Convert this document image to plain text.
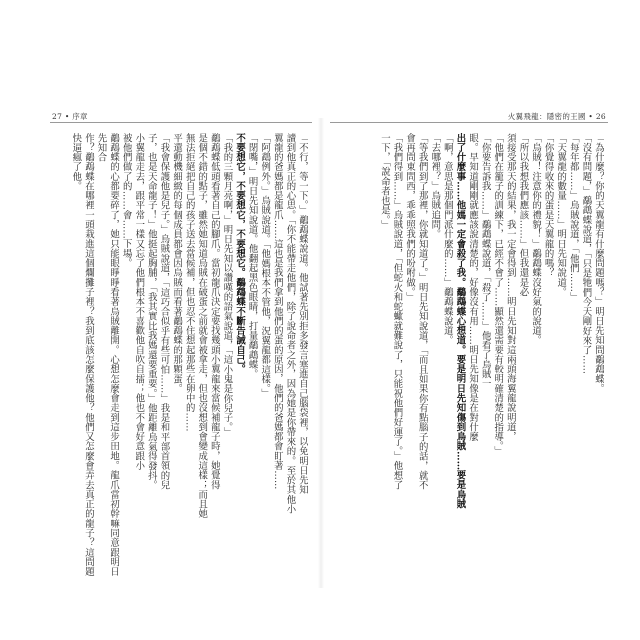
27 • 序章	火翼飛龍：隱密的王國 • 26

「不行，等一下。」鷸鵡蝶說道。他試著先別拒多發言塞進自己腦袋裡，以免明日先知

讀到他真正的心思。「你不能帶走他們，除了說命者之外，因為她是你帶來的。至於其他小

翼龍的爸媽都是龍爪……這也是我們拿到他們的蛋的原因，他們的爸媽都會盯著……

「阿鵡例外。」烏賊說道。「他媽根本不管他，況翼龍都這樣。」

「閉嘴，」明日先知說道。他翻起黑色眼睛，打量鷸鵡蝶。

不要想它，不要想它，不要想它。鷸鵡蝶不斷告誡自己。

「我的三顆月亮啊，」明日先知以讚嘆的語氣說道，「這小鬼是你兒子。」

鷸鵡蝶低頭看著自己的腳爪。當初龍爪決定要找幾頭小翼龍來當候補龍子時，她覺得

是個不錯的點子，雖然她知道烏賊在破蛋之前就會被拿走，但也沒想到會變成這樣；而且她

無法拒絕把自己的孩子送去當候補，但也忍不住想起那些在卵中的……

平還動機細緻的每個成員都會因烏賊而看著鷸鵡蝶的那顆蛋。

「我會保護他是兒子。」烏賊說道，「這巧合似乎有些可怕……」我是和平部首領的兒

子，也是天命龍子！」他挺起胸脯，「我其實比我媽還要重要。」他距離烏氣得發抖。

小翼龍走去，跟平常一樣又忘了他們根本不喜歡他自吹自擂；他也不會好意跟小

被他們做了的……會……下場。

鷸鵡蝶的心都要碎了，她只能眼睜睜看著烏賊離開。心想怎麼會走到這步田地。龍爪當初幹嘛同意跟明日先知合

作？鷸鵡蝶在哪裡一頭栽進這個爛攤子裡？我到底該怎麼保護他？他們又怎麼會弄去真正的龍子？這問題快逼瘋了他。	「為什麼？你的天翼龍有什麼問題嗎？」明日先知問鷸鵡蝶。

「沒有問題，」鷸鵡蝶說道，「只是牠們今天剛好來了……

「每年都……」烏賊說道，「他們……」

「天翼龍的數量……」明日先知說道。

「你覺得收來的蛋是天翼龍的嗎？

「烏賊！注意你的禮貌！」鷸鵡蝶沒好氣的說道。

「所以我想我們應該……」但我還是必

須接受那天的結果，我一定會得到……明日先知對這兩頭海翼龍說明道，

「他們在籠子的訓練下，已經不會了……顯然還需要有較明確清楚的指導。」

「你要告訴我……」鷸鵡蝶說道，「殺了……」他看了烏賊一

眼。早知道剛剛就應該說清楚的，好像沒有用……明日先知像是在對什麼

出了什麼事……他媽一定會殺了我。鷸鵡蝶心想道。要是明日先知傷到烏賊……要是烏賊

「啊，意思是那個門派什麼的……」鷸鵡蝶說道。

「去哪裡？」烏賊追問。

「等我們到了那裡，你就知道了。」明日先知說道，「而且如果你有點腦子的話，就不

會再問東問西，乖乖照我們的吩咐做。」

「我們得到……」烏賊說道，「但蛇火和蛇蠍就難說了，只能祝他們好運了。」他想了

一下，「說命者也是。」
